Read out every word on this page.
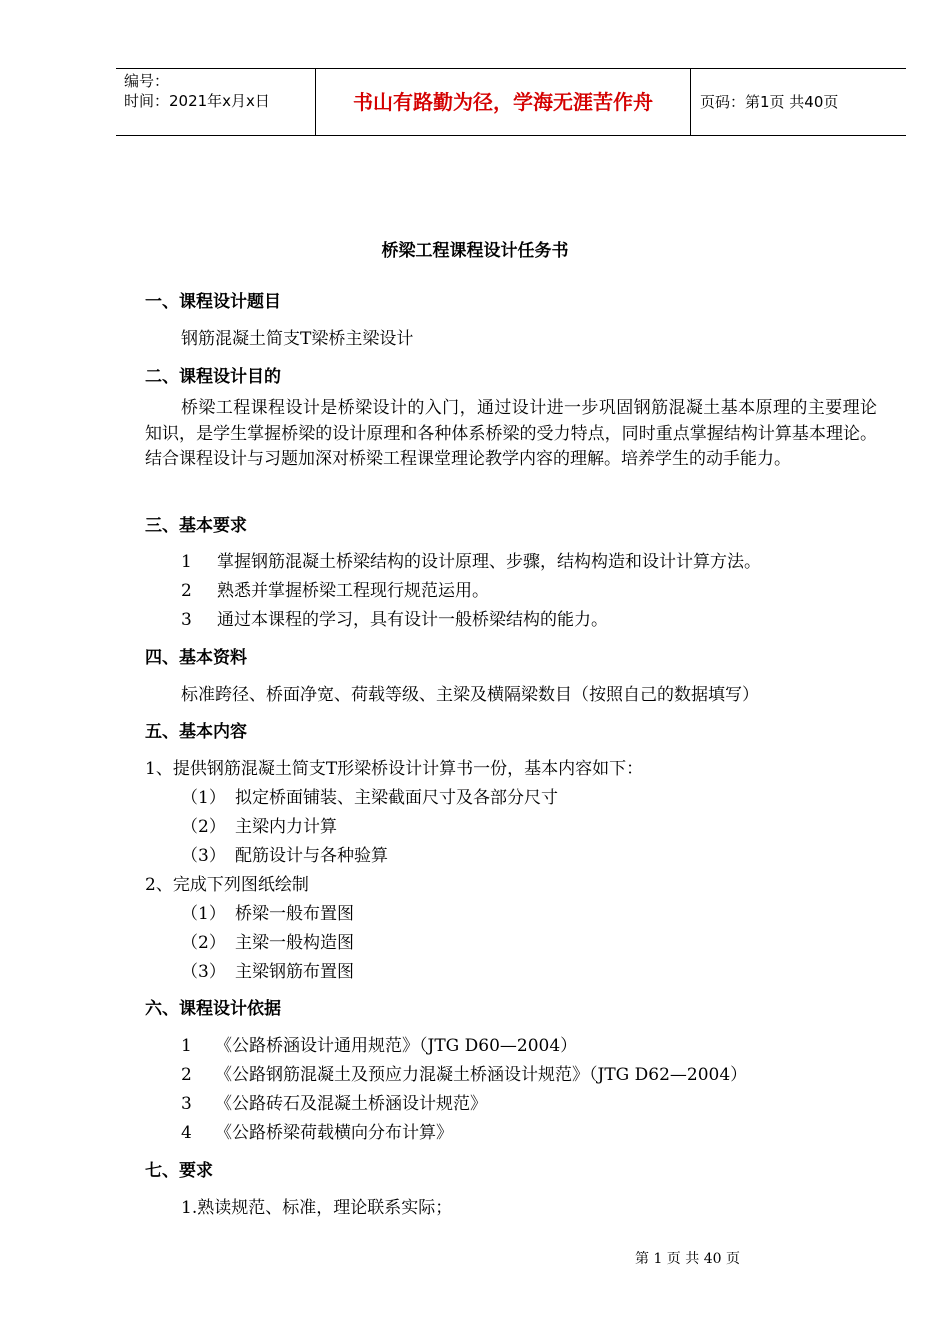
编号：
时间：2021年x月x日	书山有路勤为径，学海无涯苦作舟	页码：第1页 共40页
桥梁工程课程设计任务书
一、课程设计题目
钢筋混凝土简支T梁桥主梁设计
二、课程设计目的
桥梁工程课程设计是桥梁设计的入门，通过设计进一步巩固钢筋混凝土基本原理的主要理论知识，是学生掌握桥梁的设计原理和各种体系桥梁的受力特点，同时重点掌握结构计算基本理论。结合课程设计与习题加深对桥梁工程课堂理论教学内容的理解。培养学生的动手能力。
三、基本要求
1 掌握钢筋混凝土桥梁结构的设计原理、步骤，结构构造和设计计算方法。
2 熟悉并掌握桥梁工程现行规范运用。
3 通过本课程的学习，具有设计一般桥梁结构的能力。
四、基本资料
标准跨径、桥面净宽、荷载等级、主梁及横隔梁数目（按照自己的数据填写）
五、基本内容
1、提供钢筋混凝土简支T形梁桥设计计算书一份，基本内容如下：
（1） 拟定桥面铺装、主梁截面尺寸及各部分尺寸
（2） 主梁内力计算
（3） 配筋设计与各种验算
2、完成下列图纸绘制
（1） 桥梁一般布置图
（2） 主梁一般构造图
（3） 主梁钢筋布置图
六、课程设计依据
1 《公路桥涵设计通用规范》（JTG D60—2004）
2 《公路钢筋混凝土及预应力混凝土桥涵设计规范》（JTG D62—2004）
3 《公路砖石及混凝土桥涵设计规范》
4 《公路桥梁荷载横向分布计算》
七、要求
1.熟读规范、标准，理论联系实际；
第 1 页 共 40 页
